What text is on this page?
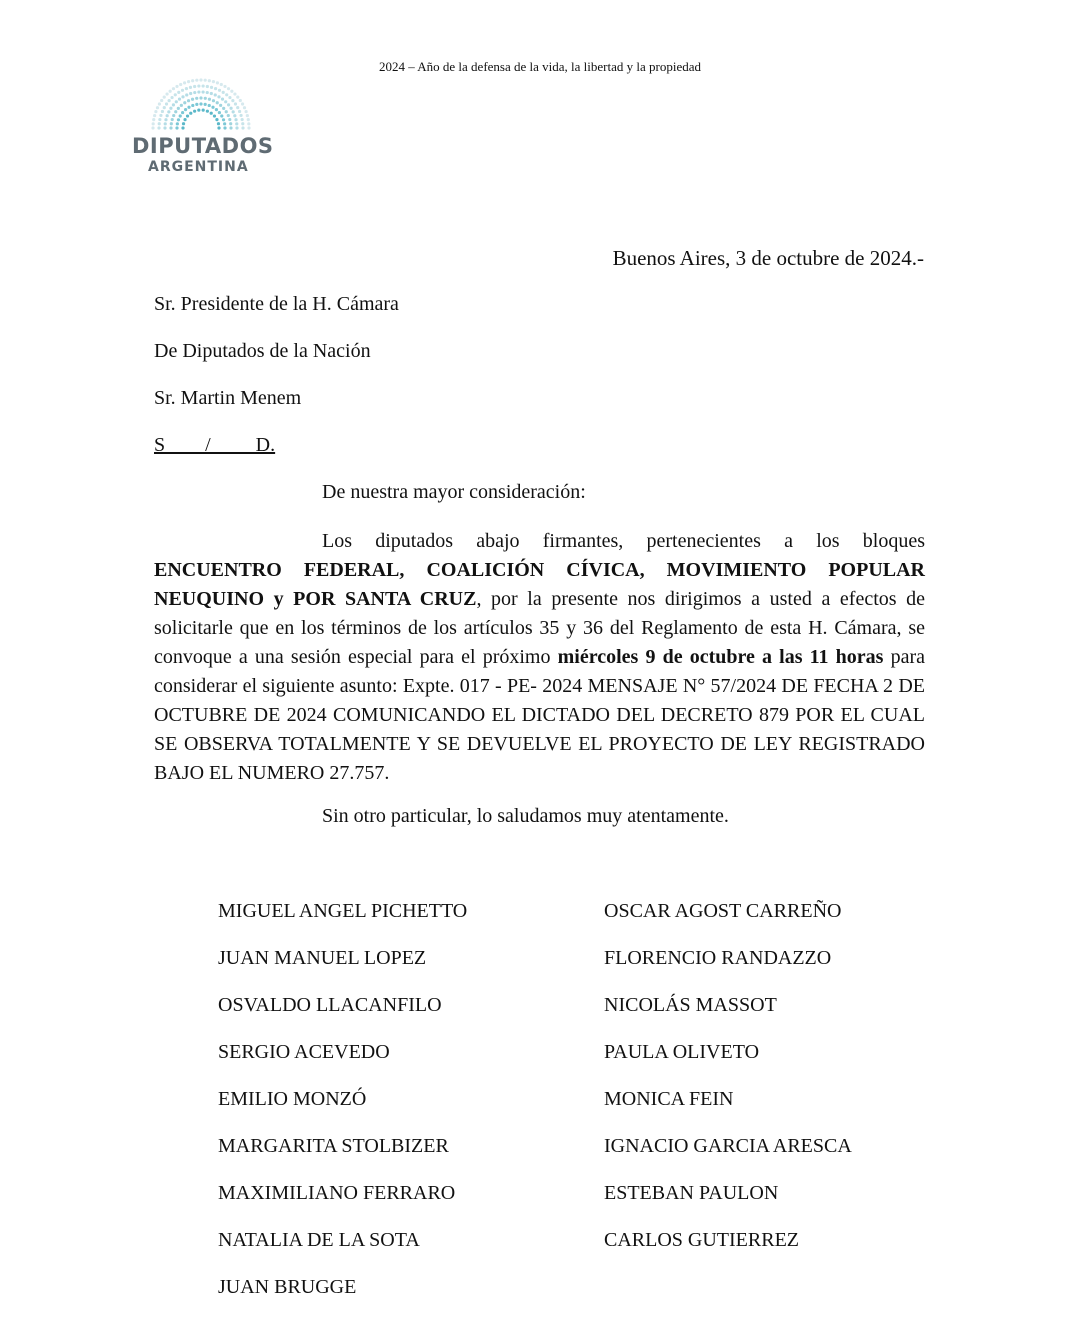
2024 – Año de la defensa de la vida, la libertad y la propiedad
DIPUTADOS
ARGENTINA
Buenos Aires, 3 de octubre de 2024.-
Sr. Presidente de la H. Cámara
De Diputados de la Nación
Sr. Martin Menem
S        /         D.
De nuestra mayor consideración:
Los diputados abajo firmantes, pertenecientes a los bloques ENCUENTRO FEDERAL, COALICIÓN CÍVICA, MOVIMIENTO POPULAR NEUQUINO y POR SANTA CRUZ, por la presente nos dirigimos a usted a efectos de solicitarle que en los términos de los artículos 35 y 36 del Reglamento de esta H. Cámara, se convoque a una sesión especial para el próximo miércoles 9 de octubre a las 11 horas para considerar el siguiente asunto: Expte. 017 - PE- 2024 MENSAJE N° 57/2024 DE FECHA 2 DE OCTUBRE DE 2024 COMUNICANDO EL DICTADO DEL DECRETO 879 POR EL CUAL SE OBSERVA TOTALMENTE Y SE DEVUELVE EL PROYECTO DE LEY REGISTRADO BAJO EL NUMERO 27.757.
Sin otro particular, lo saludamos muy atentamente.
MIGUEL ANGEL PICHETTO
JUAN MANUEL LOPEZ
OSVALDO LLACANFILO
SERGIO ACEVEDO
EMILIO MONZÓ
MARGARITA STOLBIZER
MAXIMILIANO FERRARO
NATALIA DE LA SOTA
JUAN BRUGGE
OSCAR AGOST CARREÑO
FLORENCIO RANDAZZO
NICOLÁS MASSOT
PAULA OLIVETO
MONICA FEIN
IGNACIO GARCIA ARESCA
ESTEBAN PAULON
CARLOS GUTIERREZ
